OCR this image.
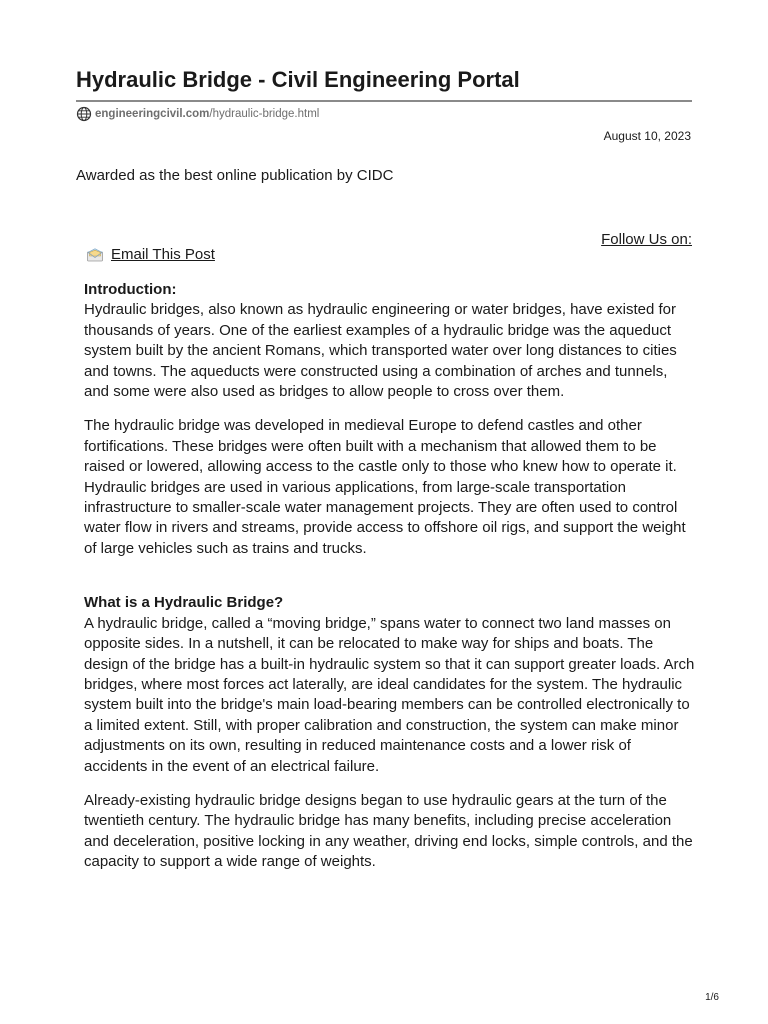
Hydraulic Bridge - Civil Engineering Portal
engineeringcivil.com /hydraulic-bridge.html
August 10, 2023
Awarded as the best online publication by CIDC
Follow Us on:
Email This Post

Introduction:
Hydraulic bridges, also known as hydraulic engineering or water bridges, have existed for thousands of years. One of the earliest examples of a hydraulic bridge was the aqueduct system built by the ancient Romans, which transported water over long distances to cities and towns. The aqueducts were constructed using a combination of arches and tunnels, and some were also used as bridges to allow people to cross over them.

The hydraulic bridge was developed in medieval Europe to defend castles and other fortifications. These bridges were often built with a mechanism that allowed them to be raised or lowered, allowing access to the castle only to those who knew how to operate it. Hydraulic bridges are used in various applications, from large-scale transportation infrastructure to smaller-scale water management projects. They are often used to control water flow in rivers and streams, provide access to offshore oil rigs, and support the weight of large vehicles such as trains and trucks.

What is a Hydraulic Bridge?
A hydraulic bridge, called a “moving bridge,” spans water to connect two land masses on opposite sides. In a nutshell, it can be relocated to make way for ships and boats. The design of the bridge has a built-in hydraulic system so that it can support greater loads. Arch bridges, where most forces act laterally, are ideal candidates for the system. The hydraulic system built into the bridge's main load-bearing members can be controlled electronically to a limited extent. Still, with proper calibration and construction, the system can make minor adjustments on its own, resulting in reduced maintenance costs and a lower risk of accidents in the event of an electrical failure.

Already-existing hydraulic bridge designs began to use hydraulic gears at the turn of the twentieth century. The hydraulic bridge has many benefits, including precise acceleration and deceleration, positive locking in any weather, driving end locks, simple controls, and the capacity to support a wide range of weights.

1/6
